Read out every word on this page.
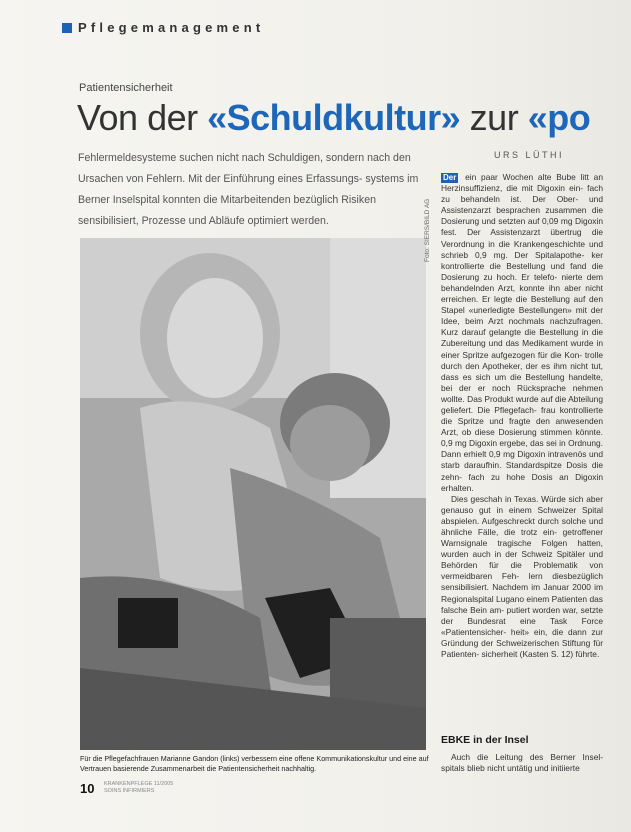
Pflegemanagement
Patientensicherheit
Von der «Schuldkultur» zur «po
Fehlermeldesysteme suchen nicht nach Schuldigen, sondern nach den Ursachen von Fehlern. Mit der Einführung eines Erfassungs- systems im Berner Inselspital konnten die Mitarbeitenden bezüglich Risiken sensibilisiert, Prozesse und Abläufe optimiert werden.
URS LÜTHI
Foto: SIERS/BILD AG
Für die Pflegefachfrauen Marianne Gandon (links) verbessern eine offene Kommunikationskultur und eine auf Vertrauen basierende Zusammenarbeit die Patientensicherheit nachhaltig.
10 KRANKENPFLEGE 11/2005
SOINS INFIRMIERS

Der ein paar Wochen alte Bube litt an Herzinsuffizienz, die mit Digoxin ein- fach zu behandeln ist. Der Ober- und Assistenzarzt besprachen zusammen die Dosierung und setzten auf 0,09 mg Digoxin fest. Der Assistenzarzt übertrug die Verordnung in die Krankengeschichte und schrieb 0,9 mg. Der Spitalapothe- ker kontrollierte die Bestellung und fand die Dosierung zu hoch. Er telefo- nierte dem behandelnden Arzt, konnte ihn aber nicht erreichen. Er legte die Bestellung auf den Stapel «unerledigte Bestellungen» mit der Idee, beim Arzt nochmals nachzufragen. Kurz darauf gelangte die Bestellung in die Zubereitung und das Medikament wurde in einer Spritze aufgezogen für die Kon- trolle durch den Apotheker, der es ihm nicht tut, dass es sich um die Bestellung handelte, bei der er noch Rücksprache nehmen wollte. Das Produkt wurde auf die Abteilung geliefert. Die Pflegefach- frau kontrollierte die Spritze und fragte den anwesenden Arzt, ob diese Dosierung stimmen könnte. 0,9 mg Digoxin ergebe, das sei in Ordnung. Dann erhielt 0,9 mg Digoxin intravenös und starb daraufhin. Standardspitze Dosis die zehn- fach zu hohe Dosis an Digoxin erhalten.

Dies geschah in Texas. Würde sich aber genauso gut in einem Schweizer Spital abspielen. Aufgeschreckt durch solche und ähnliche Fälle, die trotz ein- getroffener Warnsignale tragische Folgen hatten, wurden auch in der Schweiz Spitäler und Behörden für die Problematik von vermeidbaren Feh- lern diesbezüglich sensibilisiert. Nachdem im Januar 2000 im Regionalspital Lugano einem Patienten das falsche Bein am- putiert worden war, setzte der Bundesrat eine Task Force «Patientensicher- heit» ein, die dann zur Gründung der Schweizerischen Stiftung für Patienten- sicherheit (Kasten S. 12) führte.

EBKE in der Insel
Auch die Leitung des Berner Insel- spitals blieb nicht untätig und initiierte
